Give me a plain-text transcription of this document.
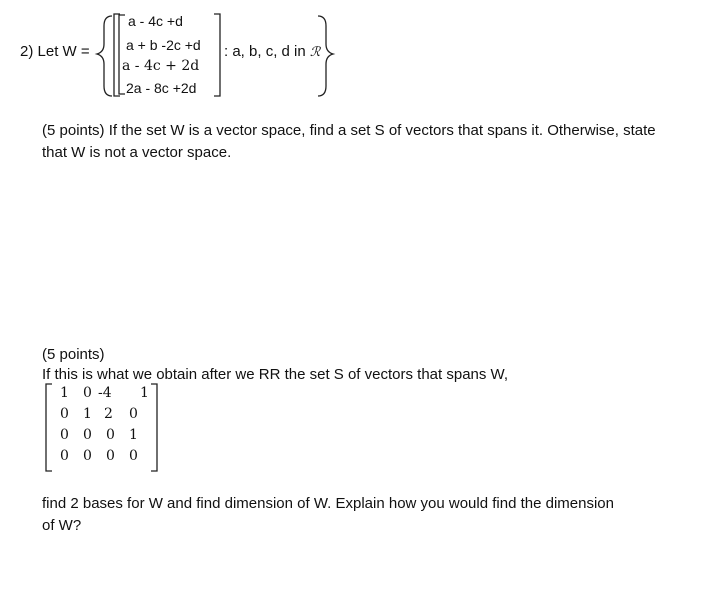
2) Let W =
a - 4c +d
a + b -2c +d
a - 4c + 2d
2a - 8c +2d
: a, b, c, d in ℛ
(5 points) If the set W is a vector space, find a set S of vectors that spans it. Otherwise, state
that W is not a vector space.
(5 points)
If this is what we obtain after we RR the set S of vectors that spans W,
1 0 -4 1
0 1 2 0
0 0 0 1
0 0 0 0
find 2 bases for W and find dimension of W. Explain how you would find the dimension
of W?
